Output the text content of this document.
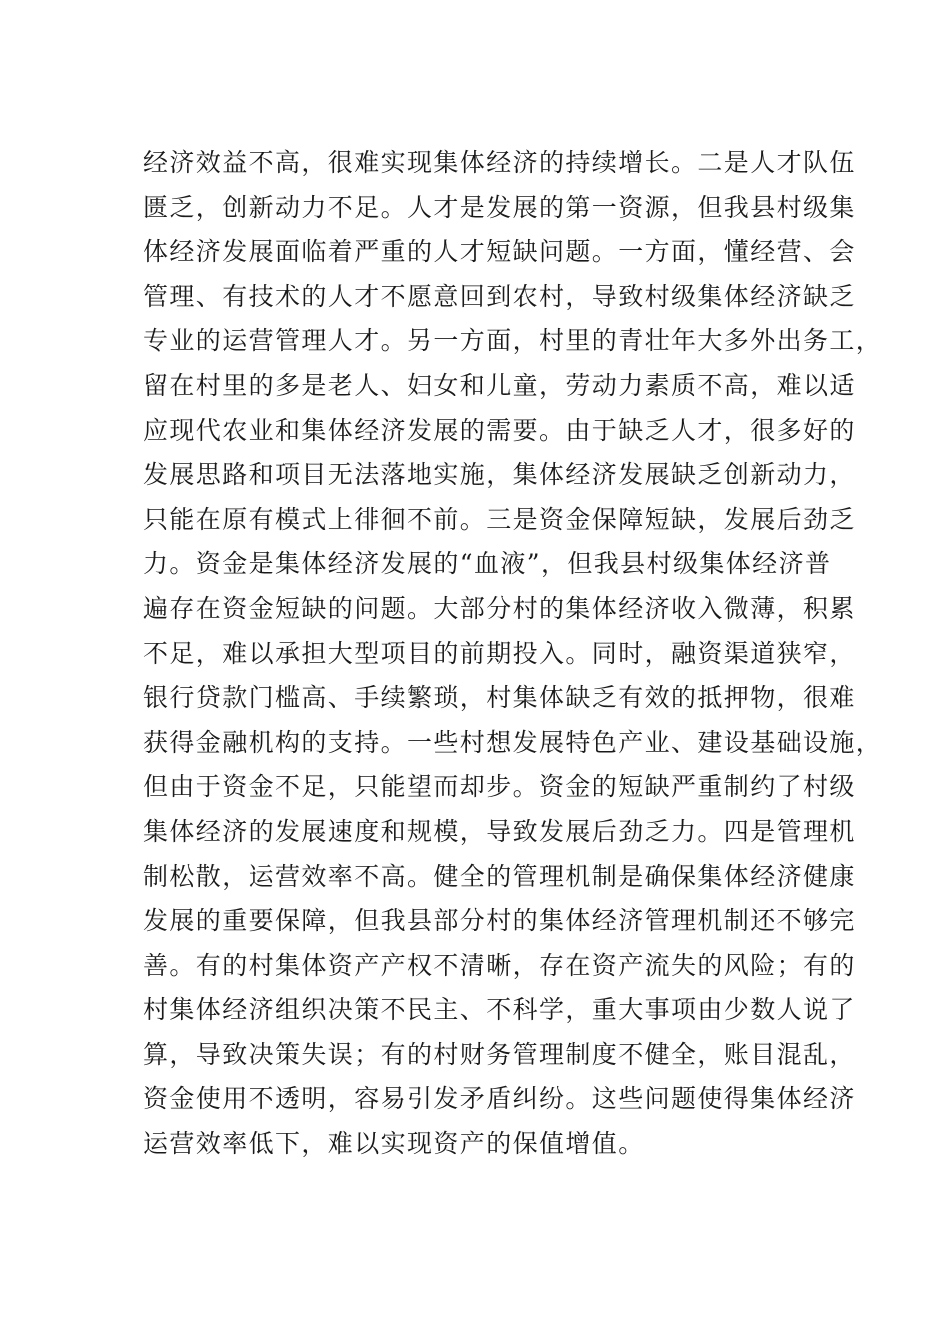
经济效益不高，很难实现集体经济的持续增长。二是人才队伍
匮乏，创新动力不足。人才是发展的第一资源，但我县村级集
体经济发展面临着严重的人才短缺问题。一方面，懂经营、会
管理、有技术的人才不愿意回到农村，导致村级集体经济缺乏
专业的运营管理人才。另一方面，村里的青壮年大多外出务工，
留在村里的多是老人、妇女和儿童，劳动力素质不高，难以适
应现代农业和集体经济发展的需要。由于缺乏人才，很多好的
发展思路和项目无法落地实施，集体经济发展缺乏创新动力，
只能在原有模式上徘徊不前。三是资金保障短缺，发展后劲乏
力。资金是集体经济发展的“血液”，但我县村级集体经济普
遍存在资金短缺的问题。大部分村的集体经济收入微薄，积累
不足，难以承担大型项目的前期投入。同时，融资渠道狭窄，
银行贷款门槛高、手续繁琐，村集体缺乏有效的抵押物，很难
获得金融机构的支持。一些村想发展特色产业、建设基础设施，
但由于资金不足，只能望而却步。资金的短缺严重制约了村级
集体经济的发展速度和规模，导致发展后劲乏力。四是管理机
制松散，运营效率不高。健全的管理机制是确保集体经济健康
发展的重要保障，但我县部分村的集体经济管理机制还不够完
善。有的村集体资产产权不清晰，存在资产流失的风险；有的
村集体经济组织决策不民主、不科学，重大事项由少数人说了
算，导致决策失误；有的村财务管理制度不健全，账目混乱，
资金使用不透明，容易引发矛盾纠纷。这些问题使得集体经济
运营效率低下，难以实现资产的保值增值。
